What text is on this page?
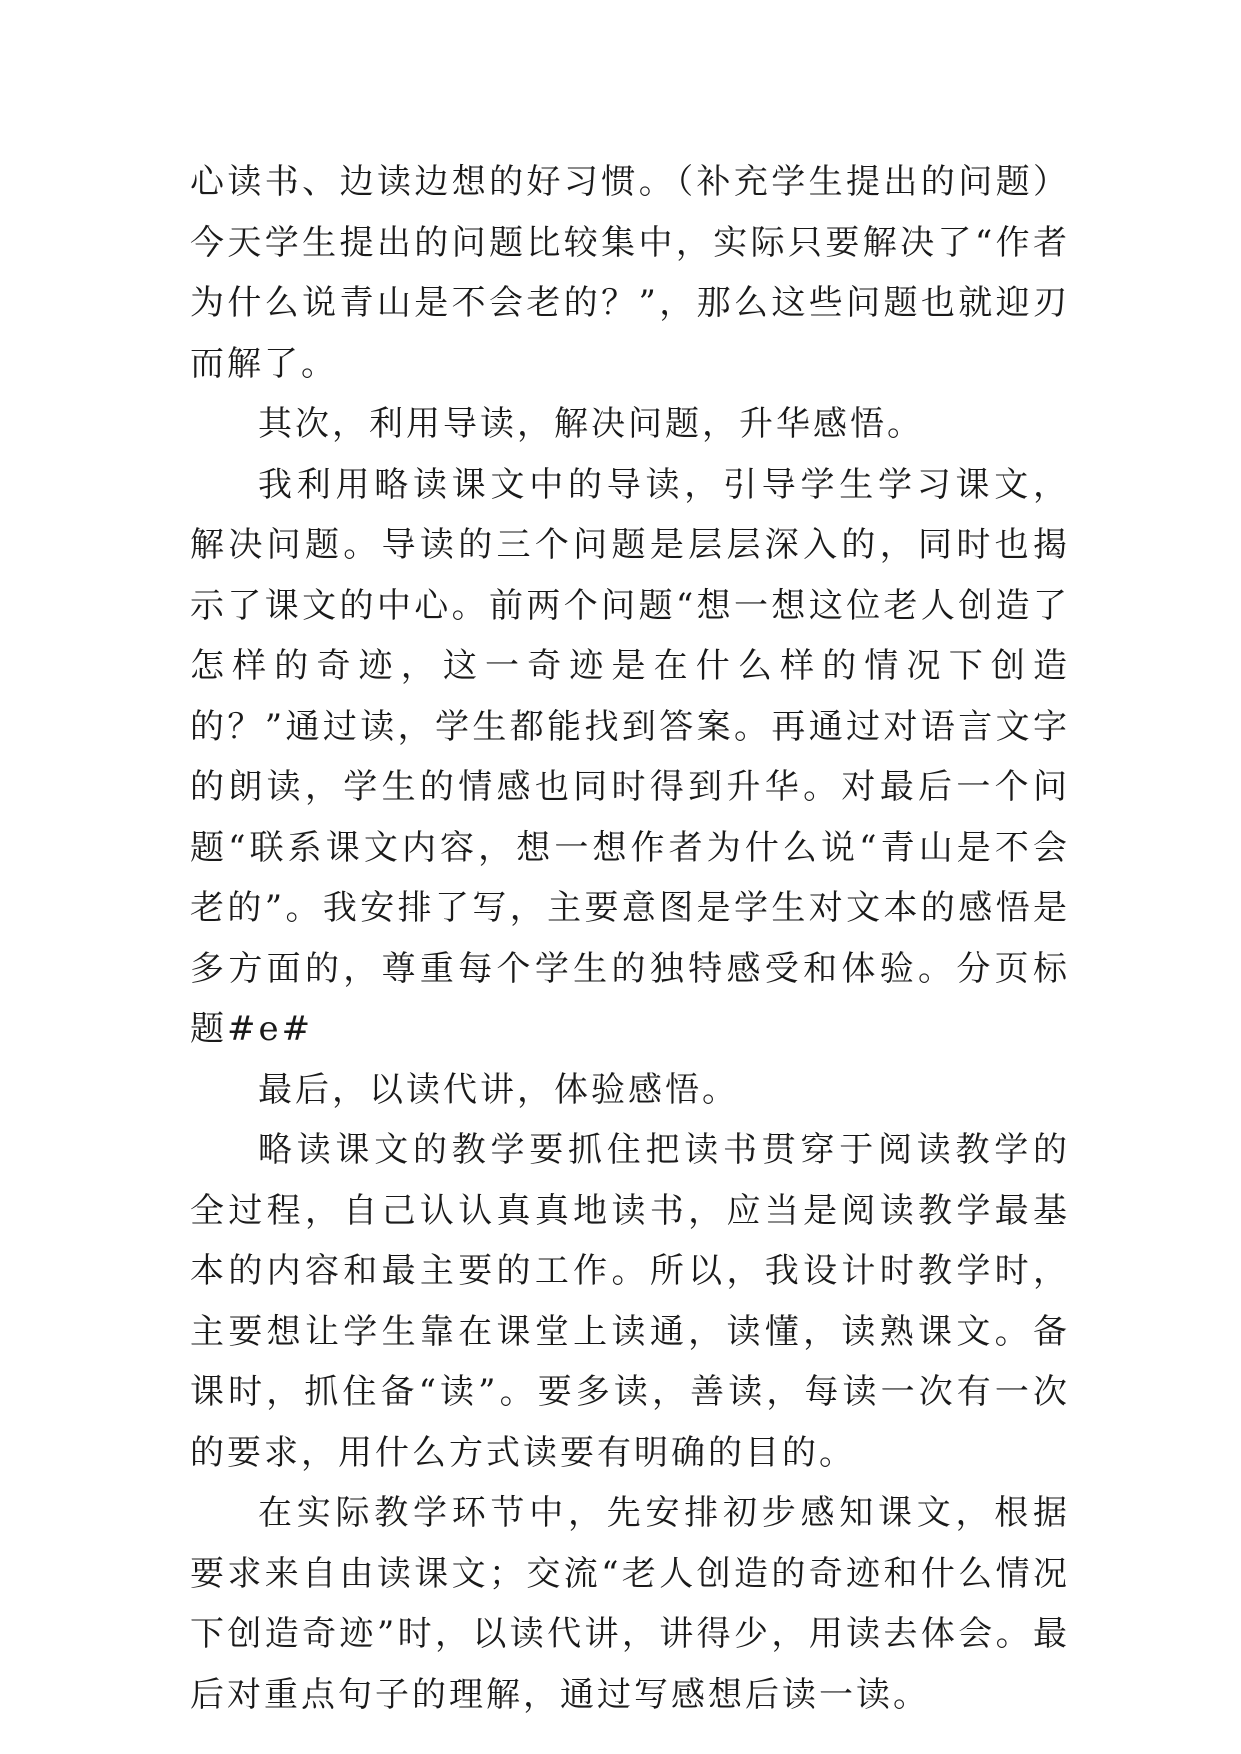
心读书、边读边想的好习惯。（补充学生提出的问题）今天学生提出的问题比较集中，实际只要解决了“作者为什么说青山是不会老的？”，那么这些问题也就迎刃而解了。

其次，利用导读，解决问题，升华感悟。

我利用略读课文中的导读，引导学生学习课文，解决问题。导读的三个问题是层层深入的，同时也揭示了课文的中心。前两个问题“想一想这位老人创造了怎样的奇迹，这一奇迹是在什么样的情况下创造的？”通过读，学生都能找到答案。再通过对语言文字的朗读，学生的情感也同时得到升华。对最后一个问题“联系课文内容，想一想作者为什么说“青山是不会老的”。我安排了写，主要意图是学生对文本的感悟是多方面的，尊重每个学生的独特感受和体验。分页标题#e#

最后，以读代讲，体验感悟。

略读课文的教学要抓住把读书贯穿于阅读教学的全过程，自己认认真真地读书，应当是阅读教学最基本的内容和最主要的工作。所以，我设计时教学时，主要想让学生靠在课堂上读通，读懂，读熟课文。备课时，抓住备“读”。要多读，善读，每读一次有一次的要求，用什么方式读要有明确的目的。

在实际教学环节中，先安排初步感知课文，根据要求来自由读课文；交流“老人创造的奇迹和什么情况下创造奇迹”时，以读代讲，讲得少，用读去体会。最后对重点句子的理解，通过写感想后读一读。
